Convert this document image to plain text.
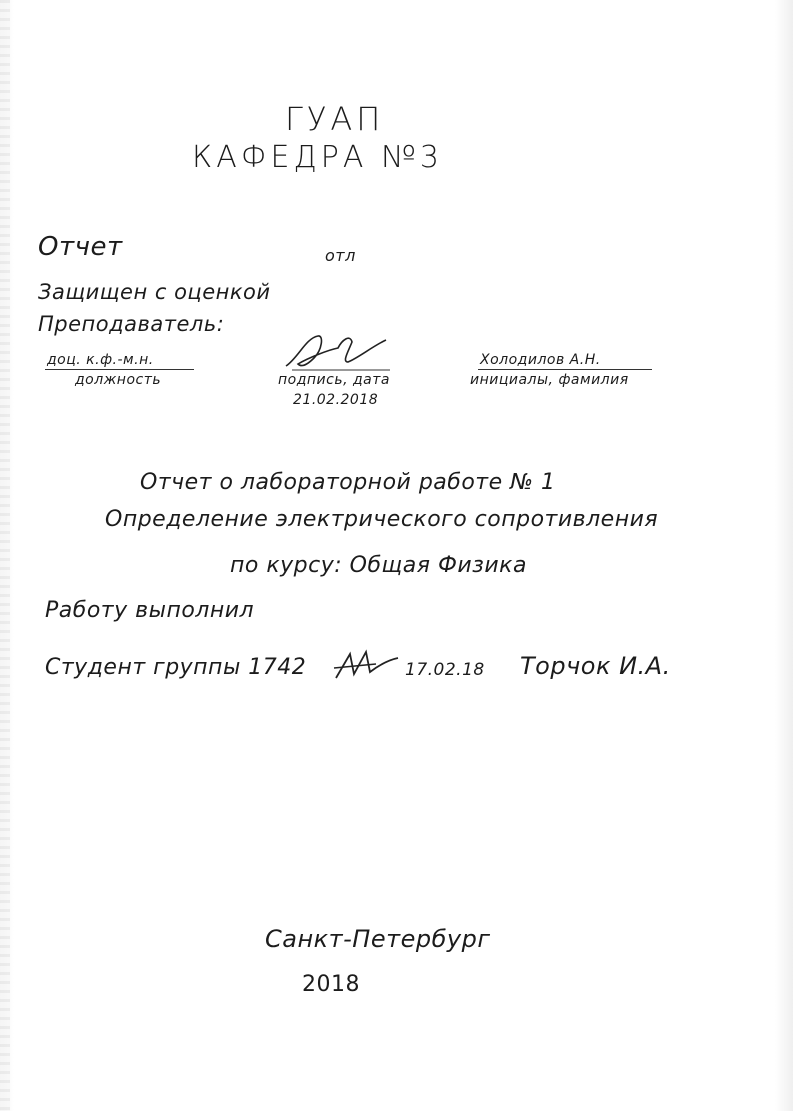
ГУАП
КАФЕДРА №3
Отчет	отл
Защищен с оценкой
Преподаватель:
доц. к.ф.-м.н.
должность	подпись, дата
21.02.2018
Холодилов А.Н.
инициалы, фамилия
Отчет о лабораторной работе № 1
Определение электрического сопротивления
по курсу: Общая Физика
Работу выполнил
Студент группы 1742	17.02.18 Торчок И.А.
Санкт-Петербург
2018
